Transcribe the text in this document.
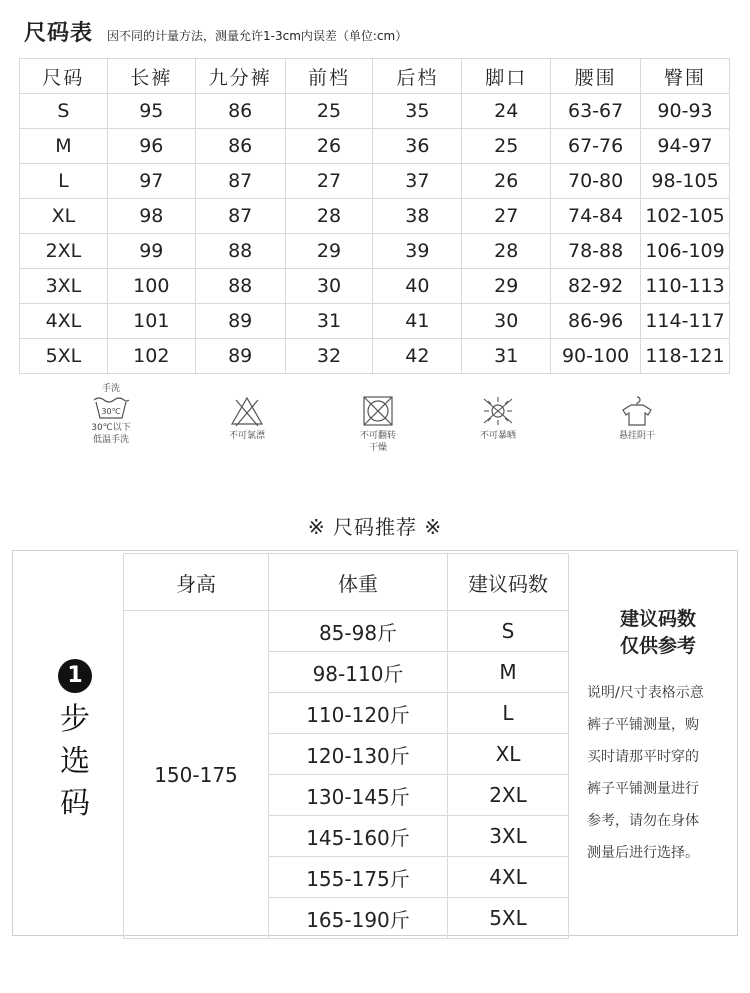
尺码表 因不同的计量方法，测量允许1-3cm内误差（单位:cm）
尺码	长裤	九分裤	前档	后档	脚口	腰围	臀围
S	95	86	25	35	24	63-67	90-93
M	96	86	26	36	25	67-76	94-97
L	97	87	27	37	26	70-80	98-105
XL	98	87	28	38	27	74-84	102-105
2XL	99	88	29	39	28	78-88	106-109
3XL	100	88	30	40	29	82-92	110-113
4XL	101	89	31	41	30	86-96	114-117
5XL	102	89	32	42	31	90-100	118-121
手洗
30℃
30℃以下
低温手洗
	不可氯漂
	不可翻转
干燥

不可暴晒
	悬挂阴干
※ 尺码推荐 ※
1
步
选
码
身高	体重	建议码数
150-175	85-98斤	S
	98-110斤	M
	110-120斤	L
	120-130斤	XL
	130-145斤	2XL
	145-160斤	3XL
	155-175斤	4XL
	165-190斤	5XL
建议码数
仅供参考
说明/尺寸表格示意
裤子平铺测量，购
买时请那平时穿的
裤子平铺测量进行
参考，请勿在身体
测量后进行选择。
